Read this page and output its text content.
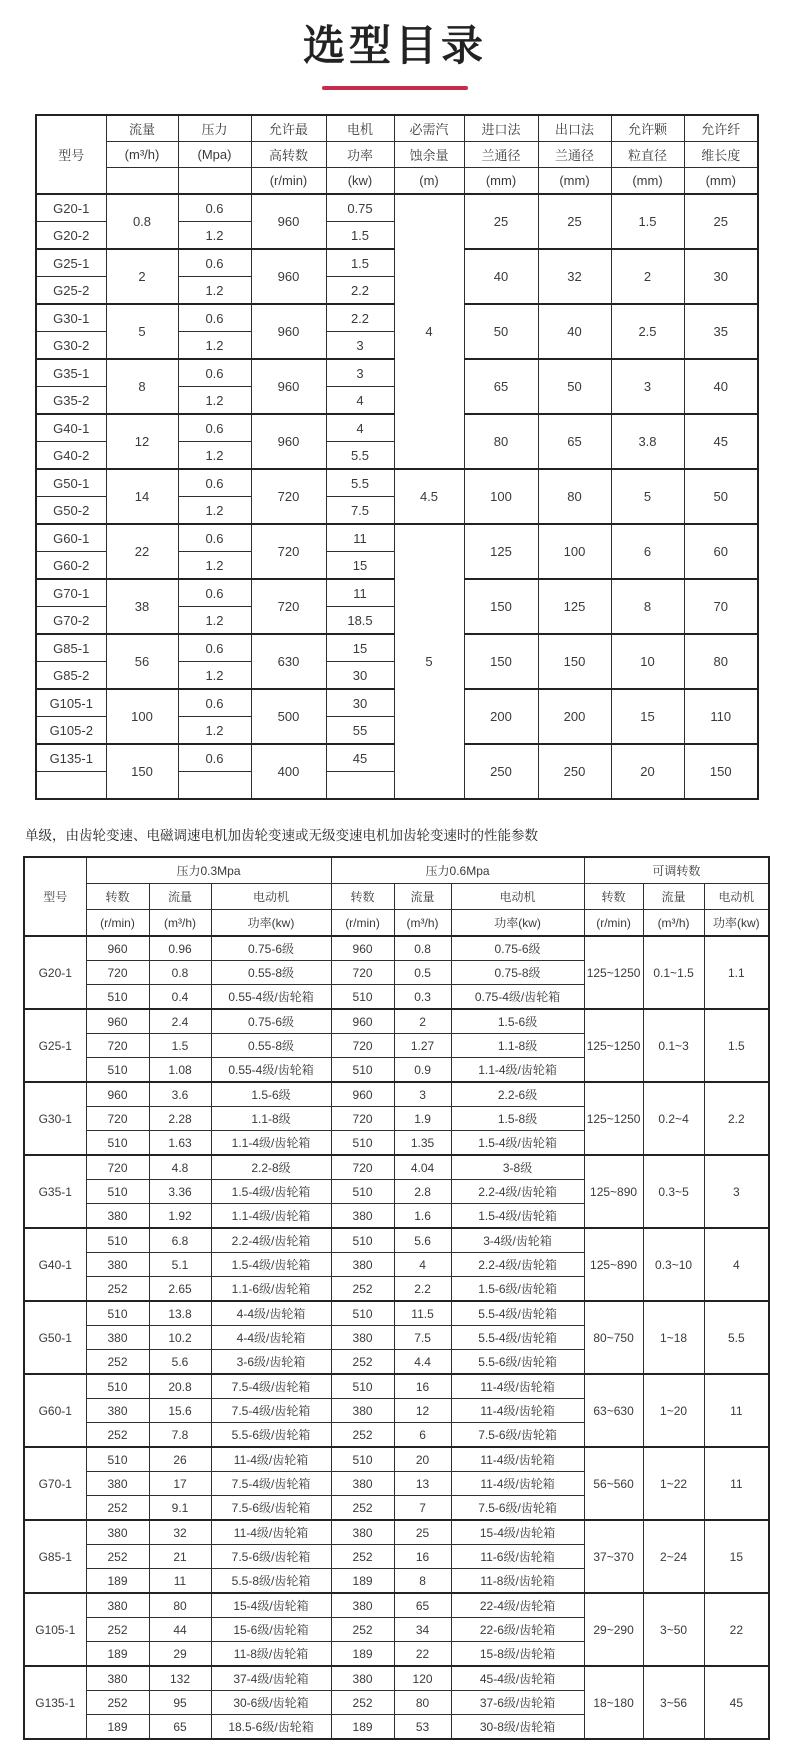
选型目录
型号	流量	压力	允许最	电机	必需汽	进口法	出口法	允许颗	允许纤
	(m³/h)	(Mpa)	高转数	功率	蚀余量	兰通径	兰通径	粒直径	维长度
			(r/min)	(kw)	(m)	(mm)	(mm)	(mm)	(mm)
G20-1	0.8	0.6	960	0.75	4	25	25	1.5	25
G20-2		1.2		1.5					
G25-1	2	0.6	960	1.5		40	32	2	30
G25-2		1.2		2.2					
G30-1	5	0.6	960	2.2		50	40	2.5	35
G30-2		1.2		3					
G35-1	8	0.6	960	3		65	50	3	40
G35-2		1.2		4					
G40-1	12	0.6	960	4		80	65	3.8	45
G40-2		1.2		5.5					
G50-1	14	0.6	720	5.5	4.5	100	80	5	50
G50-2		1.2		7.5					
G60-1	22	0.6	720	11	5	125	100	6	60
G60-2		1.2		15					
G70-1	38	0.6	720	11		150	125	8	70
G70-2		1.2		18.5					
G85-1	56	0.6	630	15		150	150	10	80
G85-2		1.2		30					
G105-1	100	0.6	500	30		200	200	15	110
G105-2		1.2		55					
G135-1	150	0.6	400	45		250	250	20	150

单级，由齿轮变速、电磁调速电机加齿轮变速或无级变速电机加齿轮变速时的性能参数

型号	压力0.3Mpa			压力0.6Mpa			可调转数		
	转数	流量	电动机	转数	流量	电动机	转数	流量	电动机
	(r/min)	(m³/h)	功率(kw)	(r/min)	(m³/h)	功率(kw)	(r/min)	(m³/h)	功率(kw)
G20-1	960	0.96	0.75-6级	960	0.8	0.75-6级	125~1250	0.1~1.5	1.1
	720	0.8	0.55-8级	720	0.5	0.75-8级			
	510	0.4	0.55-4级/齿轮箱	510	0.3	0.75-4级/齿轮箱			
G25-1	960	2.4	0.75-6级	960	2	1.5-6级	125~1250	0.1~3	1.5
	720	1.5	0.55-8级	720	1.27	1.1-8级			
	510	1.08	0.55-4级/齿轮箱	510	0.9	1.1-4级/齿轮箱			
G30-1	960	3.6	1.5-6级	960	3	2.2-6级	125~1250	0.2~4	2.2
	720	2.28	1.1-8级	720	1.9	1.5-8级			
	510	1.63	1.1-4级/齿轮箱	510	1.35	1.5-4级/齿轮箱			
G35-1	720	4.8	2.2-8级	720	4.04	3-8级	125~890	0.3~5	3
	510	3.36	1.5-4级/齿轮箱	510	2.8	2.2-4级/齿轮箱			
	380	1.92	1.1-4级/齿轮箱	380	1.6	1.5-4级/齿轮箱			
G40-1	510	6.8	2.2-4级/齿轮箱	510	5.6	3-4级/齿轮箱	125~890	0.3~10	4
	380	5.1	1.5-4级/齿轮箱	380	4	2.2-4级/齿轮箱			
	252	2.65	1.1-6级/齿轮箱	252	2.2	1.5-6级/齿轮箱			
G50-1	510	13.8	4-4级/齿轮箱	510	11.5	5.5-4级/齿轮箱	80~750	1~18	5.5
	380	10.2	4-4级/齿轮箱	380	7.5	5.5-4级/齿轮箱			
	252	5.6	3-6级/齿轮箱	252	4.4	5.5-6级/齿轮箱			
G60-1	510	20.8	7.5-4级/齿轮箱	510	16	11-4级/齿轮箱	63~630	1~20	11
	380	15.6	7.5-4级/齿轮箱	380	12	11-4级/齿轮箱			
	252	7.8	5.5-6级/齿轮箱	252	6	7.5-6级/齿轮箱			
G70-1	510	26	11-4级/齿轮箱	510	20	11-4级/齿轮箱	56~560	1~22	11
	380	17	7.5-4级/齿轮箱	380	13	11-4级/齿轮箱			
	252	9.1	7.5-6级/齿轮箱	252	7	7.5-6级/齿轮箱			
G85-1	380	32	11-4级/齿轮箱	380	25	15-4级/齿轮箱	37~370	2~24	15
	252	21	7.5-6级/齿轮箱	252	16	11-6级/齿轮箱			
	189	11	5.5-8级/齿轮箱	189	8	11-8级/齿轮箱			
G105-1	380	80	15-4级/齿轮箱	380	65	22-4级/齿轮箱	29~290	3~50	22
	252	44	15-6级/齿轮箱	252	34	22-6级/齿轮箱			
	189	29	11-8级/齿轮箱	189	22	15-8级/齿轮箱			
G135-1	380	132	37-4级/齿轮箱	380	120	45-4级/齿轮箱	18~180	3~56	45
	252	95	30-6级/齿轮箱	252	80	37-6级/齿轮箱			
	189	65	18.5-6级/齿轮箱	189	53	30-8级/齿轮箱			
